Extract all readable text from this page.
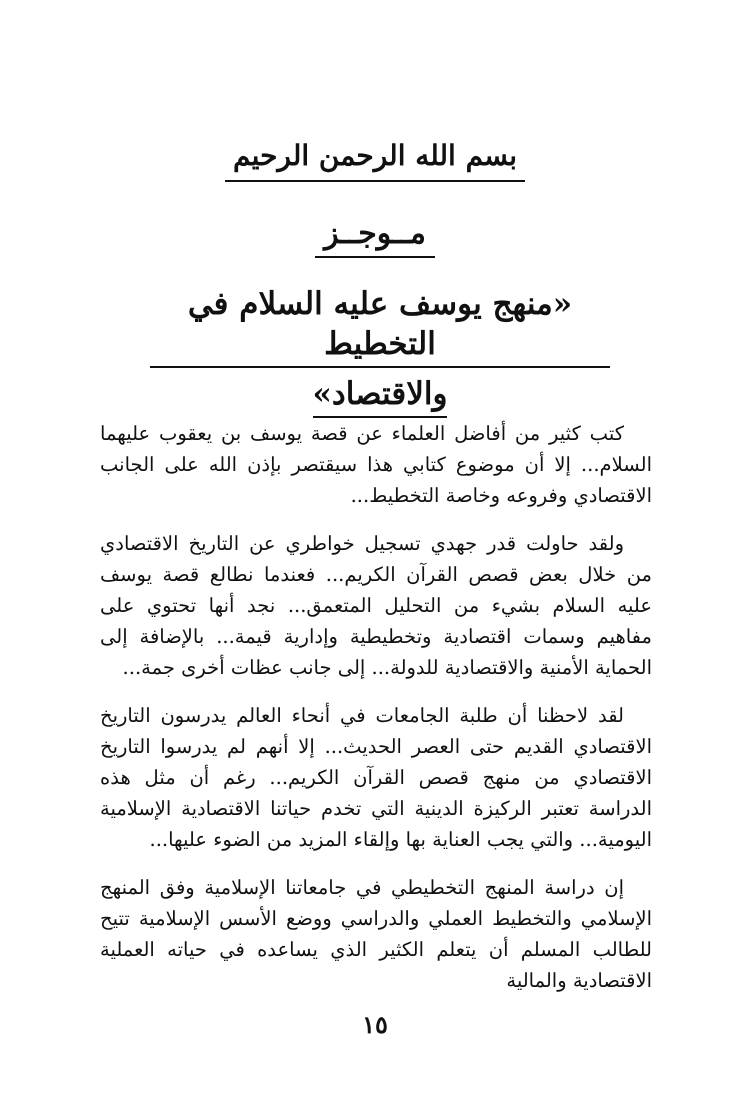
بسم الله الرحمن الرحيم
مــوجــز
«منهج يوسف عليه السلام في التخطيط
والاقتصاد»

كتب كثير من أفاضل العلماء عن قصة يوسف بن يعقوب عليهما السلام... إلا أن موضوع كتابي هذا سيقتصر بإذن الله على الجانب الاقتصادي وفروعه وخاصة التخطيط...

ولقد حاولت قدر جهدي تسجيل خواطري عن التاريخ الاقتصادي من خلال بعض قصص القرآن الكريم... فعندما نطالع قصة يوسف عليه السلام بشيء من التحليل المتعمق... نجد أنها تحتوي على مفاهيم وسمات اقتصادية وتخطيطية وإدارية قيمة... بالإضافة إلى الحماية الأمنية والاقتصادية للدولة... إلى جانب عظات أخرى جمة...

لقد لاحظنا أن طلبة الجامعات في أنحاء العالم يدرسون التاريخ الاقتصادي القديم حتى العصر الحديث... إلا أنهم لم يدرسوا التاريخ الاقتصادي من منهج قصص القرآن الكريم... رغم أن مثل هذه الدراسة تعتبر الركيزة الدينية التي تخدم حياتنا الاقتصادية الإسلامية اليومية... والتي يجب العناية بها وإلقاء المزيد من الضوء عليها...

إن دراسة المنهج التخطيطي في جامعاتنا الإسلامية وفق المنهج الإسلامي والتخطيط العملي والدراسي ووضع الأسس الإسلامية تتيح للطالب المسلم أن يتعلم الكثير الذي يساعده في حياته العملية الاقتصادية والمالية

١٥
